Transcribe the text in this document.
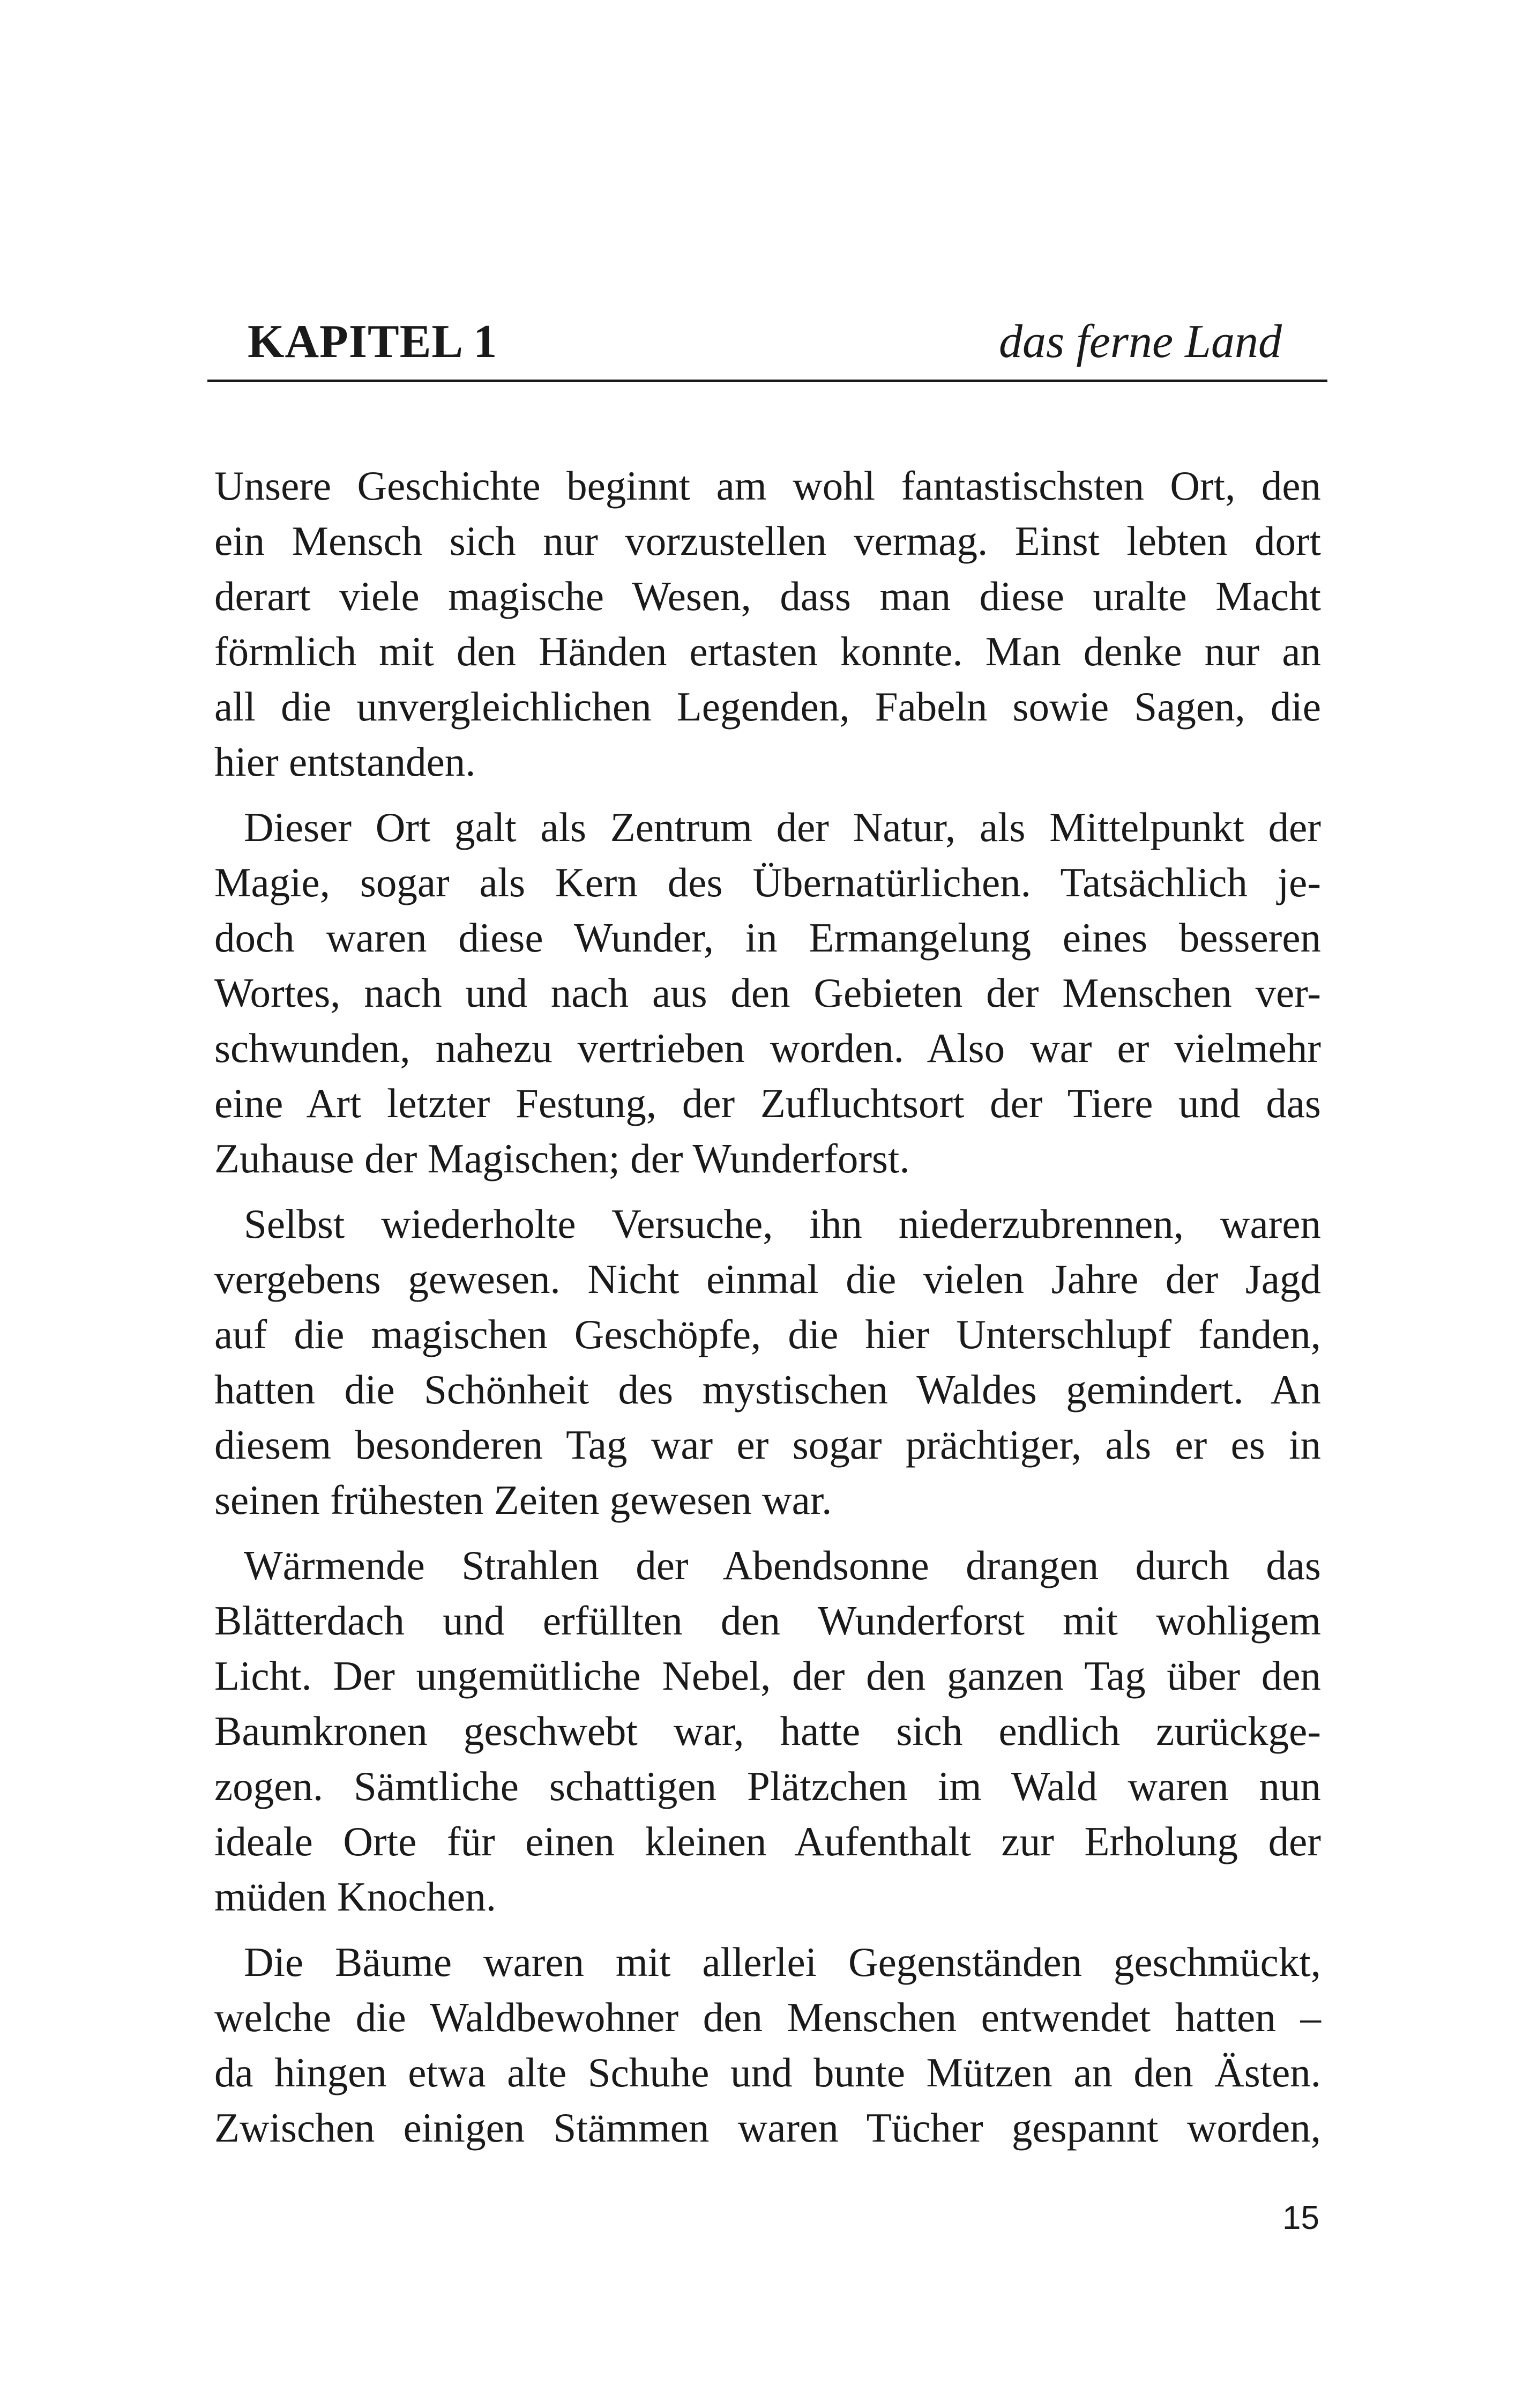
KAPITEL 1	das ferne Land
Unsere Geschichte beginnt am wohl fantastischsten Ort, den
ein Mensch sich nur vorzustellen vermag. Einst lebten dort
derart viele magische Wesen, dass man diese uralte Macht
förmlich mit den Händen ertasten konnte. Man denke nur an
all die unvergleichlichen Legenden, Fabeln sowie Sagen, die
hier entstanden.
Dieser Ort galt als Zentrum der Natur, als Mittelpunkt der
Magie, sogar als Kern des Übernatürlichen. Tatsächlich je-
doch waren diese Wunder, in Ermangelung eines besseren
Wortes, nach und nach aus den Gebieten der Menschen ver-
schwunden, nahezu vertrieben worden. Also war er vielmehr
eine Art letzter Festung, der Zufluchtsort der Tiere und das
Zuhause der Magischen; der Wunderforst.
Selbst wiederholte Versuche, ihn niederzubrennen, waren
vergebens gewesen. Nicht einmal die vielen Jahre der Jagd
auf die magischen Geschöpfe, die hier Unterschlupf fanden,
hatten die Schönheit des mystischen Waldes gemindert. An
diesem besonderen Tag war er sogar prächtiger, als er es in
seinen frühesten Zeiten gewesen war.
Wärmende Strahlen der Abendsonne drangen durch das
Blätterdach und erfüllten den Wunderforst mit wohligem
Licht. Der ungemütliche Nebel, der den ganzen Tag über den
Baumkronen geschwebt war, hatte sich endlich zurückge-
zogen. Sämtliche schattigen Plätzchen im Wald waren nun
ideale Orte für einen kleinen Aufenthalt zur Erholung der
müden Knochen.
Die Bäume waren mit allerlei Gegenständen geschmückt,
welche die Waldbewohner den Menschen entwendet hatten –
da hingen etwa alte Schuhe und bunte Mützen an den Ästen.
Zwischen einigen Stämmen waren Tücher gespannt worden,
15
